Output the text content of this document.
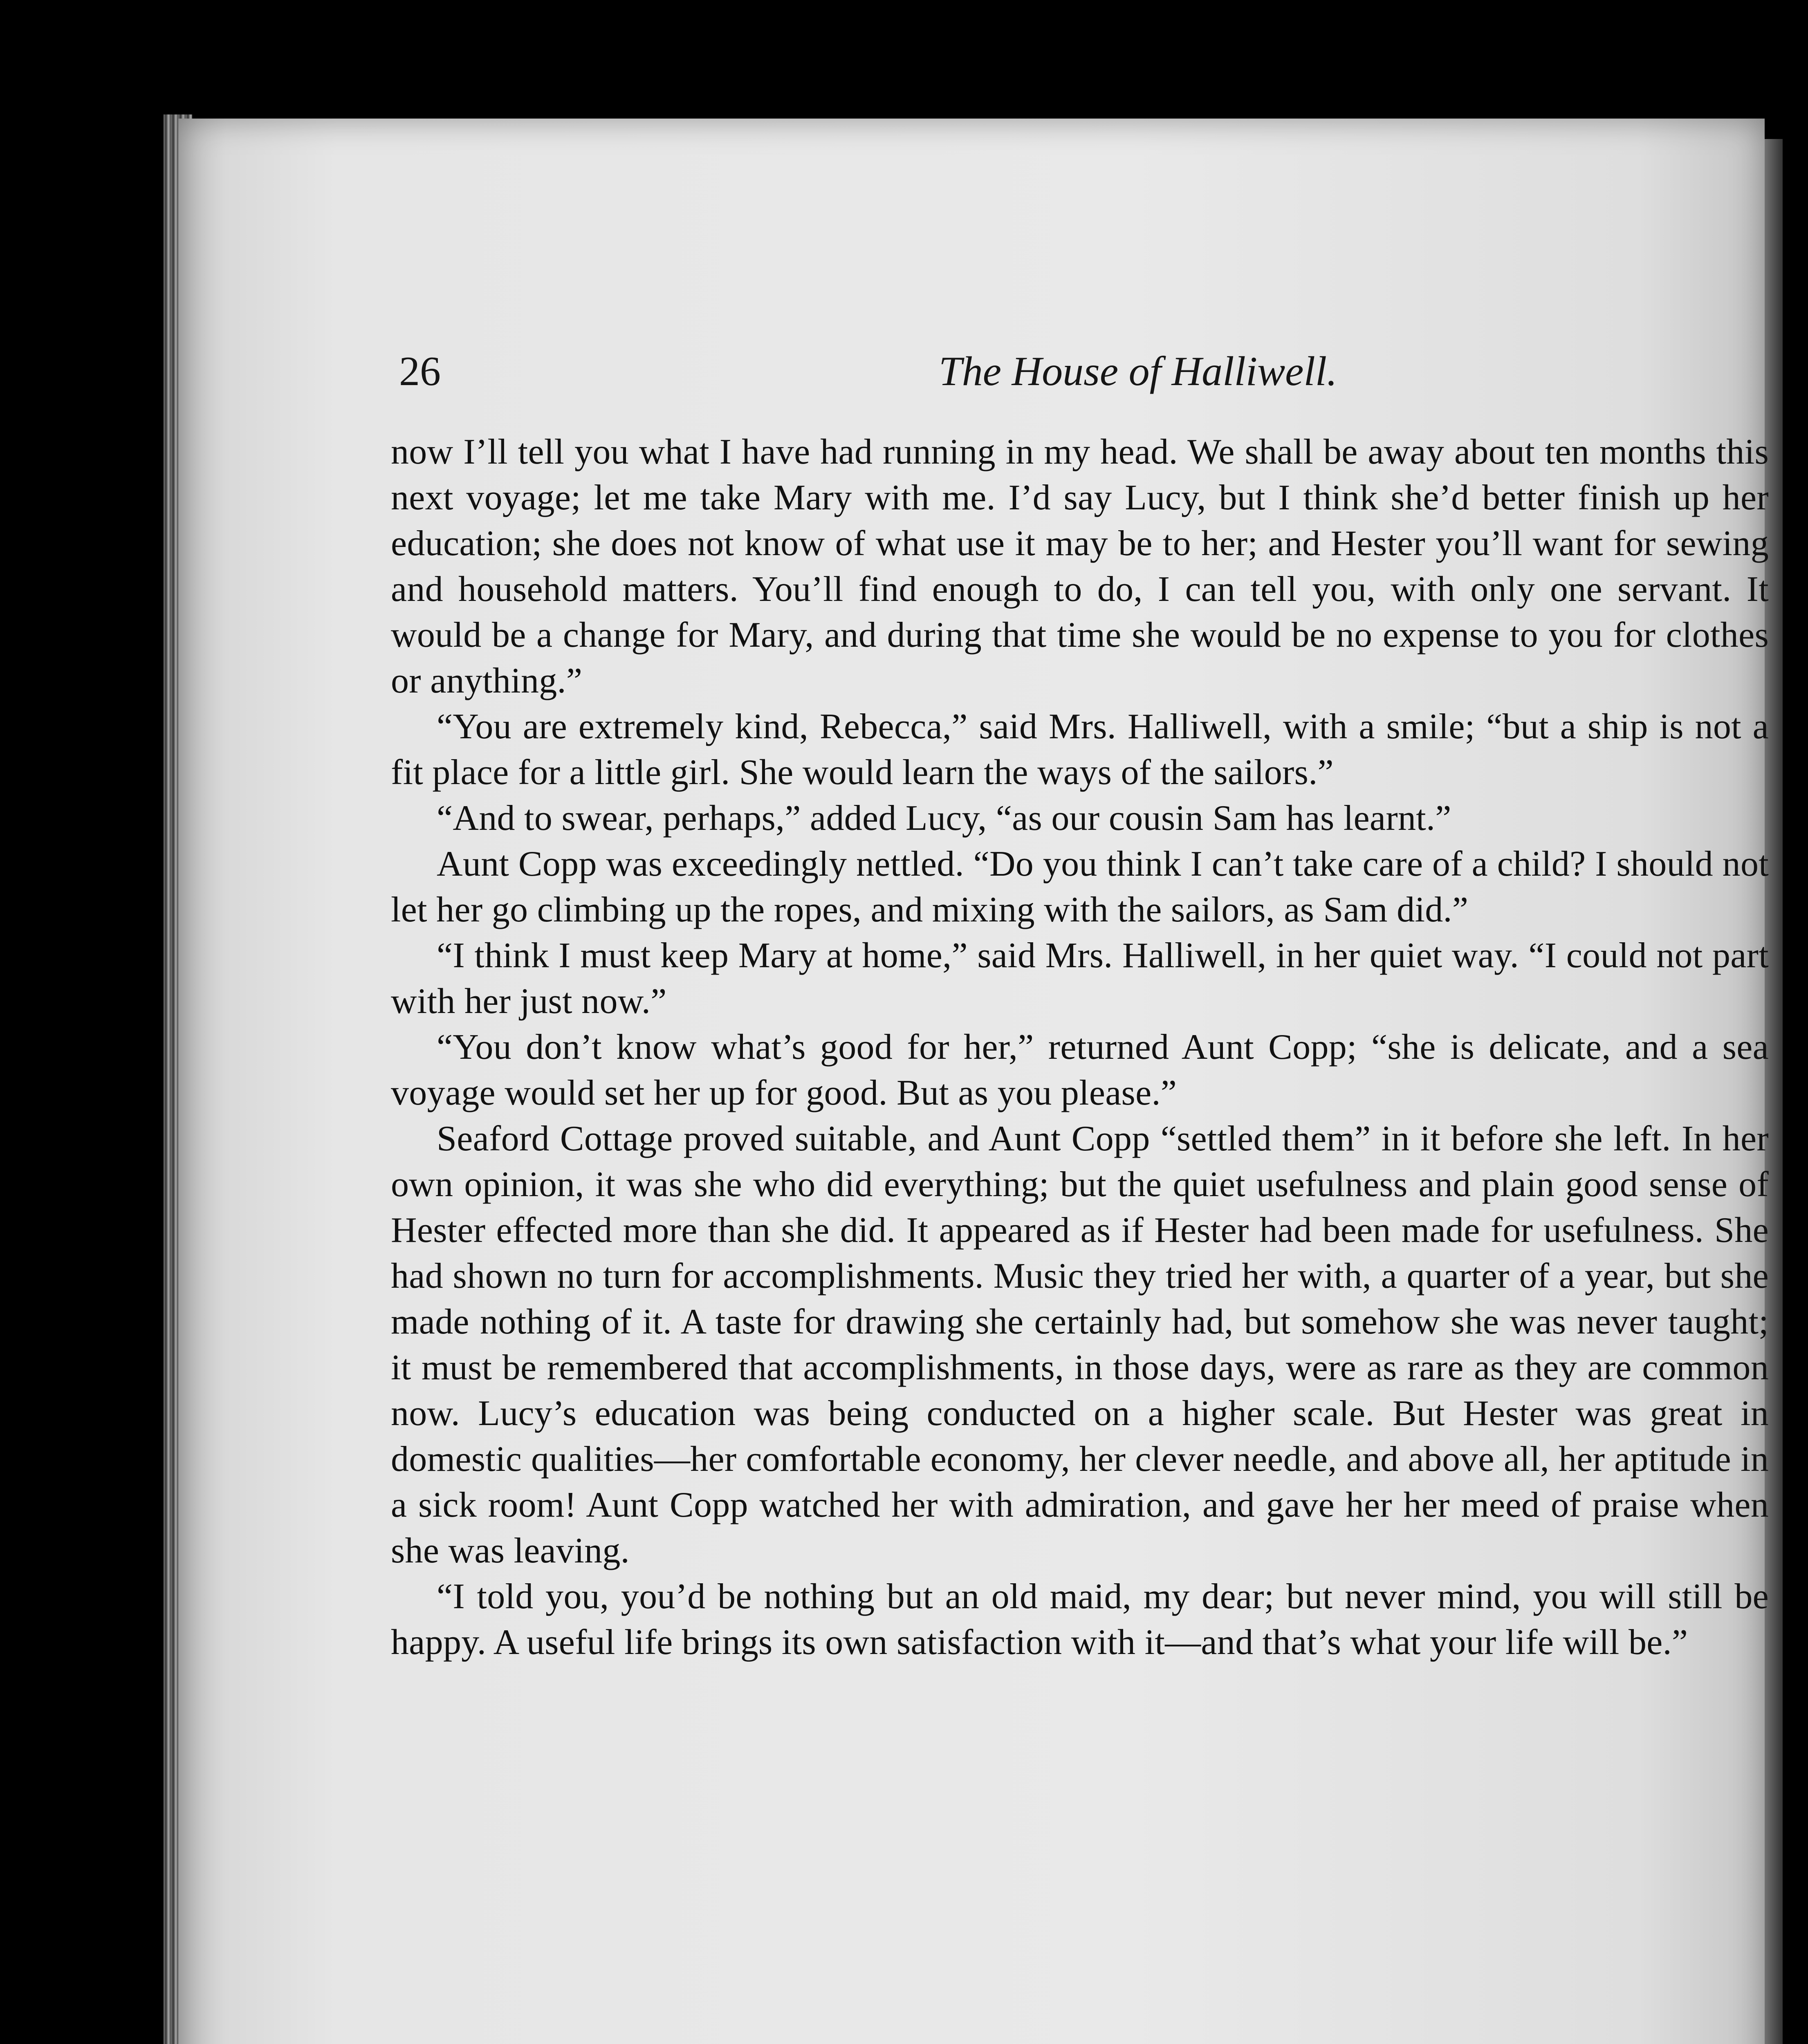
26	The House of Halliwell.

now I’ll tell you what I have had running in my head. We shall be away about ten months this next voyage; let me take Mary with me. I’d say Lucy, but I think she’d better finish up her education; she does not know of what use it may be to her; and Hester you’ll want for sewing and household matters. You’ll find enough to do, I can tell you, with only one servant. It would be a change for Mary, and during that time she would be no expense to you for clothes or anything.”

“You are extremely kind, Rebecca,” said Mrs. Halliwell, with a smile; “but a ship is not a fit place for a little girl. She would learn the ways of the sailors.”

“And to swear, perhaps,” added Lucy, “as our cousin Sam has learnt.”

Aunt Copp was exceedingly nettled. “Do you think I can’t take care of a child? I should not let her go climbing up the ropes, and mixing with the sailors, as Sam did.”

“I think I must keep Mary at home,” said Mrs. Halliwell, in her quiet way. “I could not part with her just now.”

“You don’t know what’s good for her,” returned Aunt Copp; “she is delicate, and a sea voyage would set her up for good. But as you please.”

Seaford Cottage proved suitable, and Aunt Copp “settled them” in it before she left. In her own opinion, it was she who did everything; but the quiet usefulness and plain good sense of Hester effected more than she did. It appeared as if Hester had been made for usefulness. She had shown no turn for accomplishments. Music they tried her with, a quarter of a year, but she made nothing of it. A taste for drawing she certainly had, but somehow she was never taught; it must be remembered that accomplishments, in those days, were as rare as they are common now. Lucy’s education was being conducted on a higher scale. But Hester was great in domestic qualities—her comfortable economy, her clever needle, and above all, her aptitude in a sick room! Aunt Copp watched her with admiration, and gave her her meed of praise when she was leaving.

“I told you, you’d be nothing but an old maid, my dear; but never mind, you will still be happy. A useful life brings its own satisfaction with it—and that’s what your life will be.”
